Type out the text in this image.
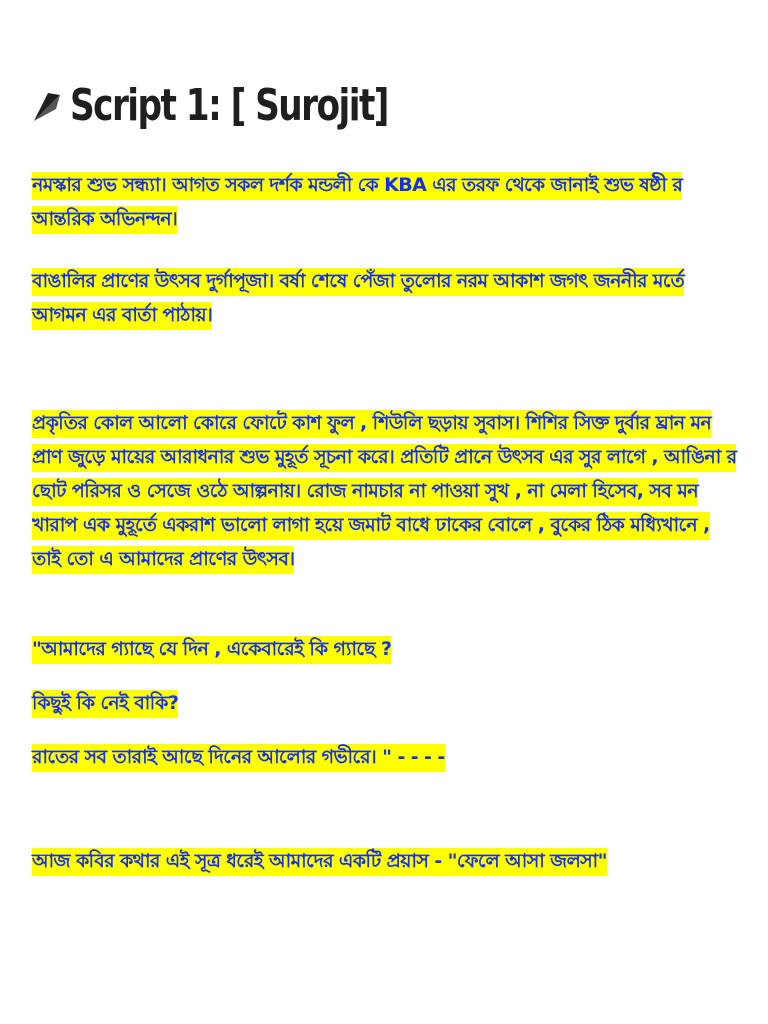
Script 1: [ Surojit]
নমস্কার শুভ সন্ধ্যা। আগত সকল দর্শক মন্ডলী কে KBA এর তরফ থেকে জানাই শুভ ষষ্ঠী র আন্তরিক অভিনন্দন।
বাঙালির প্রাণের উৎসব দুর্গাপূজা। বর্ষা শেষে পেঁজা তুলোর নরম আকাশ জগৎ জননীর মর্তে আগমন এর বার্তা পাঠায়।
প্রকৃতির কোল আলো কোরে ফোটে কাশ ফুল , শিউলি ছড়ায় সুবাস। শিশির সিক্ত দুর্বার ঘ্রান মন প্রাণ জুড়ে মায়ের আরাধনার শুভ মুহূর্ত সূচনা করে। প্রতিটি প্রানে উৎসব এর সুর লাগে , আঙিনা র ছোট পরিসর ও সেজে ওঠে আল্পনায়। রোজ নামচার না পাওয়া সুখ , না মেলা হিসেব, সব মন খারাপ এক মুহূর্তে একরাশ ভালো লাগা হয়ে জমাট বাধে ঢাকের বোলে , বুকের ঠিক মধ্যিখানে , তাই তো এ আমাদের প্রাণের উৎসব।
"আমাদের গ্যাছে যে দিন , একেবারেই কি গ্যাছে ?
কিছুই কি নেই বাকি?
রাতের সব তারাই আছে দিনের আলোর গভীরে। " - - - -
আজ কবির কথার এই সূত্র ধরেই আমাদের একটি প্রয়াস - "ফেলে আসা জলসা"
